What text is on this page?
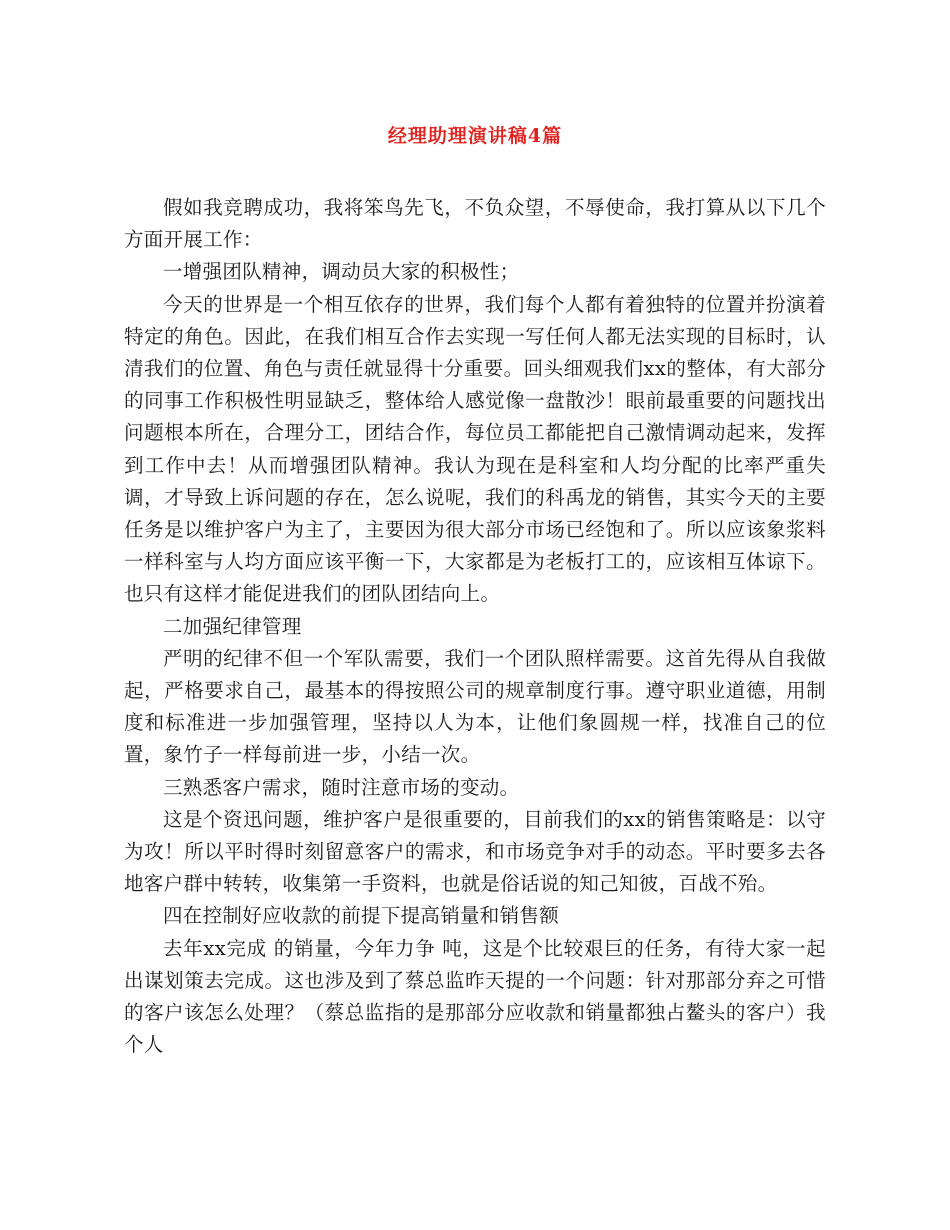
经理助理演讲稿4篇

假如我竞聘成功，我将笨鸟先飞，不负众望，不辱使命，我打算从以下几个方面开展工作：

一增强团队精神，调动员大家的积极性；

今天的世界是一个相互依存的世界，我们每个人都有着独特的位置并扮演着特定的角色。因此，在我们相互合作去实现一写任何人都无法实现的目标时，认清我们的位置、角色与责任就显得十分重要。回头细观我们xx的整体，有大部分的同事工作积极性明显缺乏，整体给人感觉像一盘散沙！眼前最重要的问题找出问题根本所在，合理分工，团结合作，每位员工都能把自己激情调动起来，发挥到工作中去！从而增强团队精神。我认为现在是科室和人均分配的比率严重失调，才导致上诉问题的存在，怎么说呢，我们的科禹龙的销售，其实今天的主要任务是以维护客户为主了，主要因为很大部分市场已经饱和了。所以应该象浆料一样科室与人均方面应该平衡一下，大家都是为老板打工的，应该相互体谅下。也只有这样才能促进我们的团队团结向上。

二加强纪律管理

严明的纪律不但一个军队需要，我们一个团队照样需要。这首先得从自我做起，严格要求自己，最基本的得按照公司的规章制度行事。遵守职业道德，用制度和标准进一步加强管理，坚持以人为本，让他们象圆规一样，找准自己的位置，象竹子一样每前进一步，小结一次。

三熟悉客户需求，随时注意市场的变动。

这是个资迅问题，维护客户是很重要的，目前我们的xx的销售策略是：以守为攻！所以平时得时刻留意客户的需求，和市场竞争对手的动态。平时要多去各地客户群中转转，收集第一手资料，也就是俗话说的知己知彼，百战不殆。

四在控制好应收款的前提下提高销量和销售额

去年xx完成 的销量，今年力争 吨，这是个比较艰巨的任务，有待大家一起出谋划策去完成。这也涉及到了蔡总监昨天提的一个问题：针对那部分弃之可惜的客户该怎么处理？（蔡总监指的是那部分应收款和销量都独占鳌头的客户）我个人
